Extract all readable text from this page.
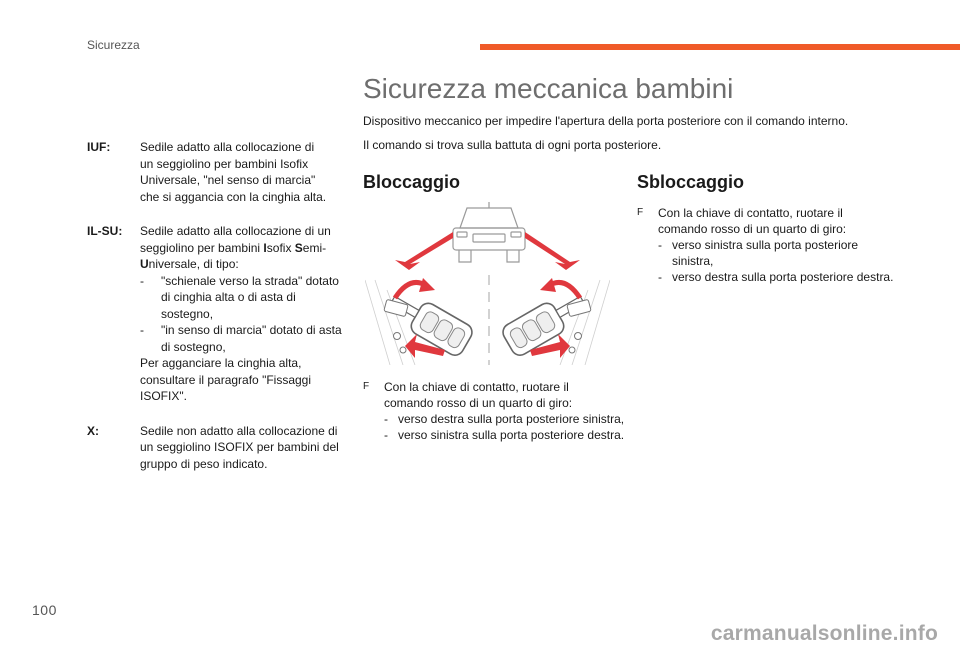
Sicurezza
IUF:	Sedile adatto alla collocazione di
un seggiolino per bambini Isofix
Universale, "nel senso di marcia"
che si aggancia con la cinghia alta.
IL-SU:	Sedile adatto alla collocazione di un
seggiolino per bambini Isofix Semi-
Universale, di tipo:
-	"schienale verso la strada" dotato di cinghia alta o di asta di sostegno,
-	"in senso di marcia" dotato di asta di sostegno,
Per agganciare la cinghia alta, consultare il paragrafo "Fissaggi ISOFIX".
X:	Sedile non adatto alla collocazione di un seggiolino ISOFIX per bambini del gruppo di peso indicato.
Sicurezza meccanica bambini
Dispositivo meccanico per impedire l'apertura della porta posteriore con il comando interno.
Il comando si trova sulla battuta di ogni porta posteriore.
Bloccaggio	Sbloccaggio
F	Con la chiave di contatto, ruotare il
comando rosso di un quarto di giro:
- verso destra sulla porta posteriore sinistra,
- verso sinistra sulla porta posteriore destra.
F	Con la chiave di contatto, ruotare il
comando rosso di un quarto di giro:
- verso sinistra sulla porta posteriore
sinistra,
- verso destra sulla porta posteriore destra.
100
carmanualsonline.info
